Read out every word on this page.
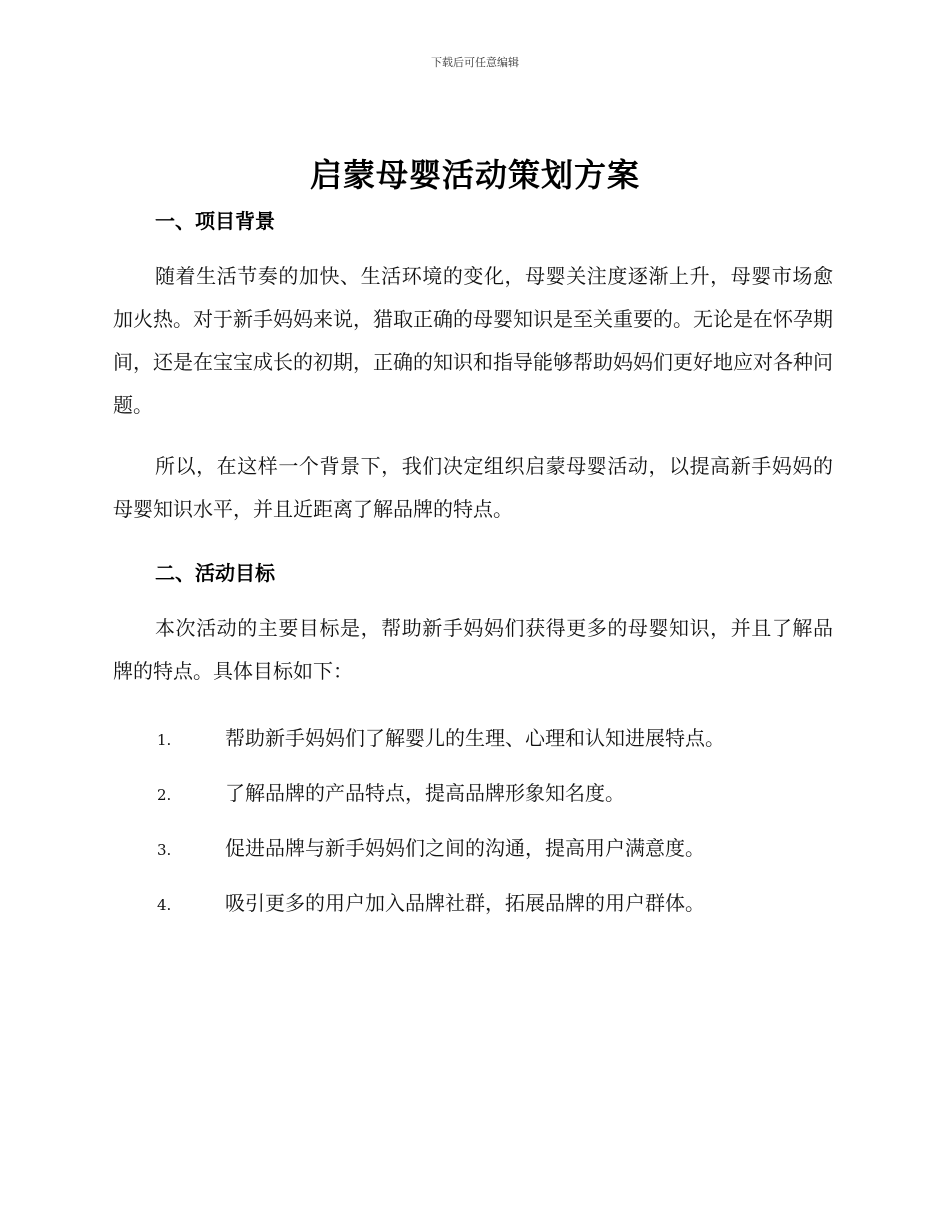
下载后可任意编辑
启蒙母婴活动策划方案
一、项目背景

随着生活节奏的加快、生活环境的变化，母婴关注度逐渐上升，母婴市场愈加火热。对于新手妈妈来说，猎取正确的母婴知识是至关重要的。无论是在怀孕期间，还是在宝宝成长的初期，正确的知识和指导能够帮助妈妈们更好地应对各种问题。

所以，在这样一个背景下，我们决定组织启蒙母婴活动，以提高新手妈妈的母婴知识水平，并且近距离了解品牌的特点。

二、活动目标

本次活动的主要目标是，帮助新手妈妈们获得更多的母婴知识，并且了解品牌的特点。具体目标如下：

1.	帮助新手妈妈们了解婴儿的生理、心理和认知进展特点。
2.	了解品牌的产品特点，提高品牌形象知名度。
3.	促进品牌与新手妈妈们之间的沟通，提高用户满意度。
4.	吸引更多的用户加入品牌社群，拓展品牌的用户群体。
